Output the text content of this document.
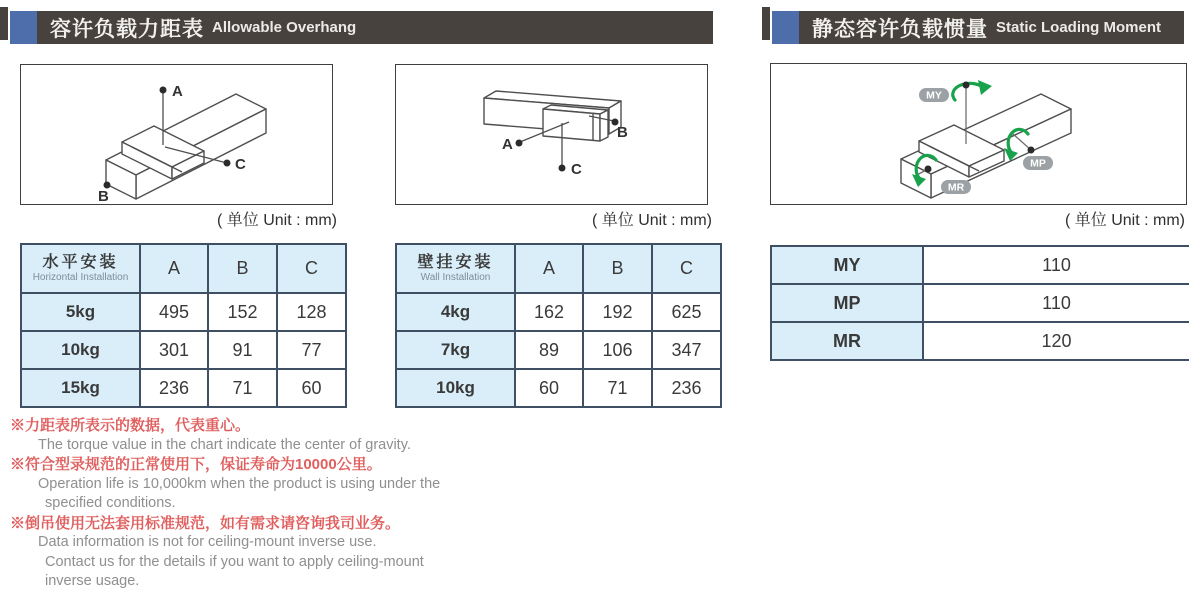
容许负载力距表 Allowable Overhang	静态容许负载惯量 Static Loading Moment
A
C
B
( 单位 Unit : mm)
A
C
B
( 单位 Unit : mm)
MY
MP
MR
( 单位 Unit : mm)
水平安装
Horizontal Installation	A	B	C
5kg	495	152	128
10kg	301	91	77
15kg	236	71	60
壁挂安装
Wall Installation	A	B	C
4kg	162	192	625
7kg	89	106	347
10kg	60	71	236
MY	110
MP	110
MR	120
※力距表所表示的数据，代表重心。
The torque value in the chart indicate the center of gravity.
※符合型录规范的正常使用下，保证寿命为10000公里。
Operation life is 10,000km when the product is using under the
specified conditions.
※倒吊使用无法套用标准规范，如有需求请咨询我司业务。
Data information is not for ceiling-mount inverse use.
Contact us for the details if you want to apply ceiling-mount
inverse usage.
